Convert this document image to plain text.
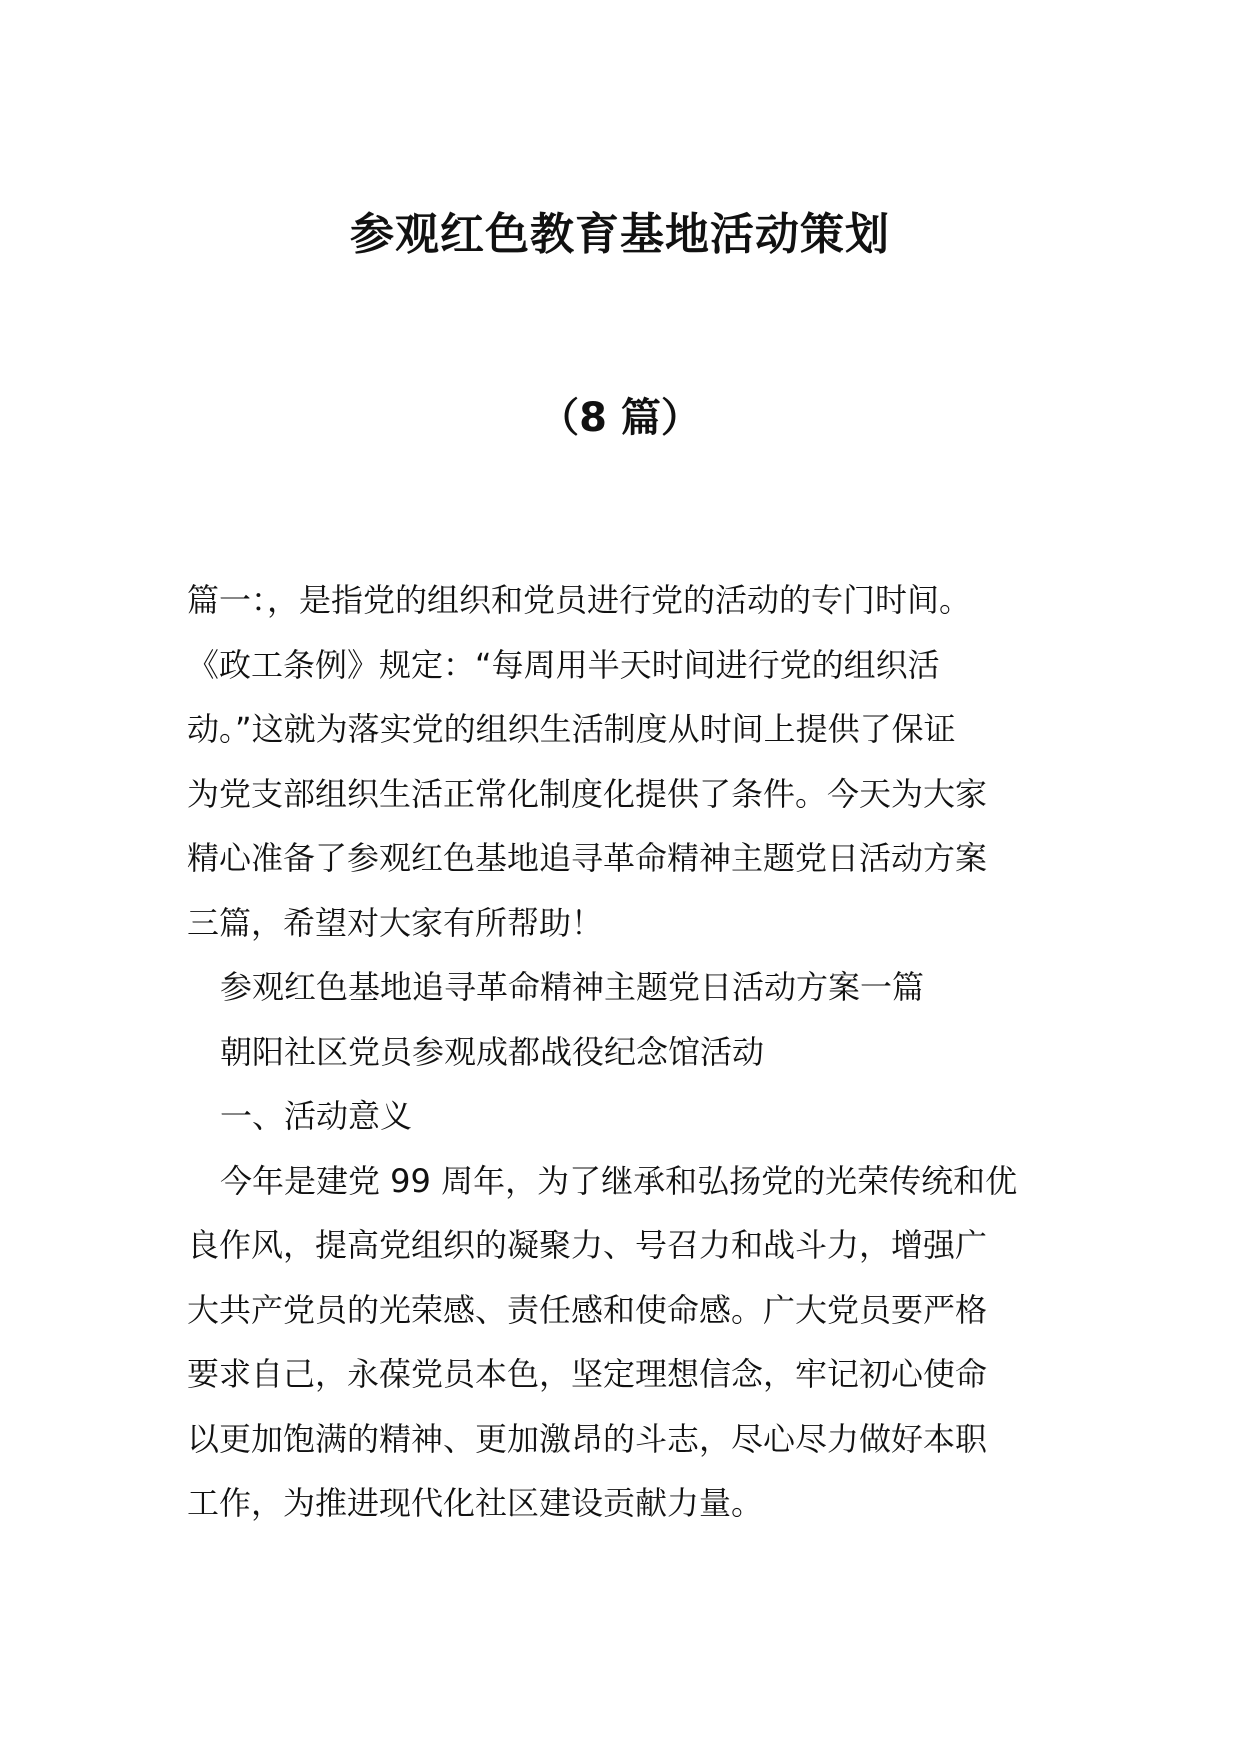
参观红色教育基地活动策划
（8 篇）
篇一：，是指党的组织和党员进行党的活动的专门时间。
《政工条例》规定：“每周用半天时间进行党的组织活
动。”这就为落实党的组织生活制度从时间上提供了保证
为党支部组织生活正常化制度化提供了条件。今天为大家
精心准备了参观红色基地追寻革命精神主题党日活动方案
三篇，希望对大家有所帮助！
参观红色基地追寻革命精神主题党日活动方案一篇
朝阳社区党员参观成都战役纪念馆活动
一、活动意义
今年是建党 99 周年，为了继承和弘扬党的光荣传统和优
良作风，提高党组织的凝聚力、号召力和战斗力，增强广
大共产党员的光荣感、责任感和使命感。广大党员要严格
要求自己，永葆党员本色，坚定理想信念，牢记初心使命
以更加饱满的精神、更加激昂的斗志，尽心尽力做好本职
工作，为推进现代化社区建设贡献力量。
